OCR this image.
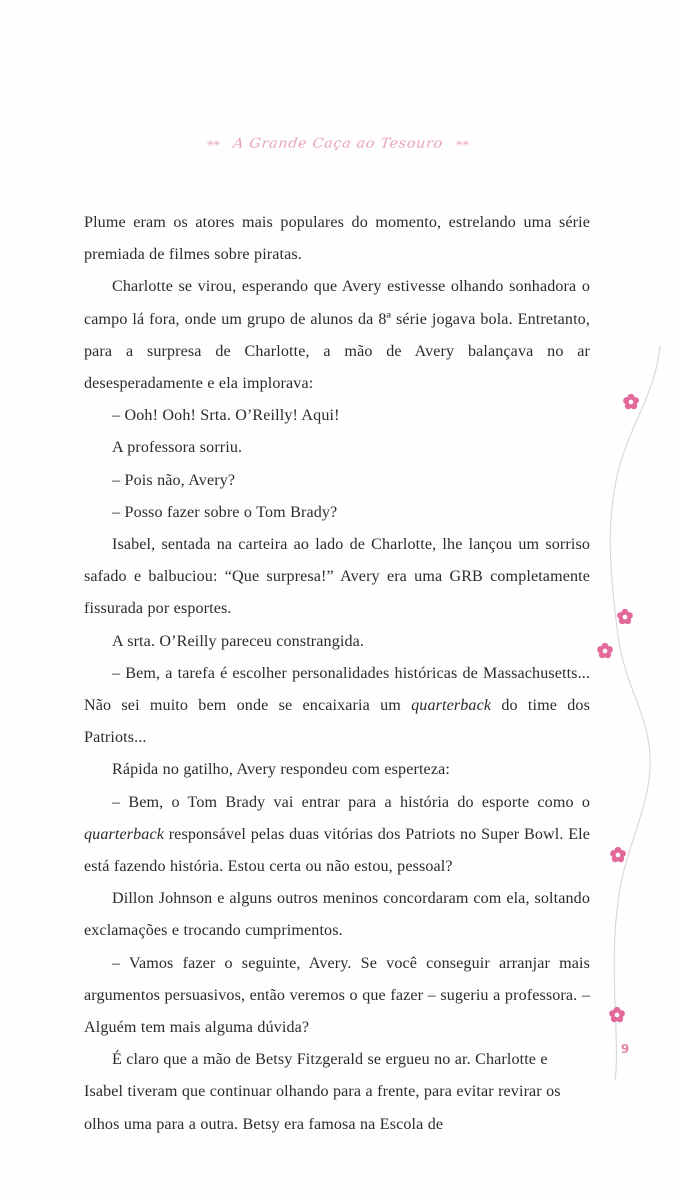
❀❀ A Grande Caça ao Tesouro ❀❀

Plume eram os atores mais populares do momento, estrelando uma série premiada de filmes sobre piratas.

Charlotte se virou, esperando que Avery estivesse olhando sonhadora o campo lá fora, onde um grupo de alunos da 8ª série jogava bola. Entretanto, para a surpresa de Charlotte, a mão de Avery balançava no ar desesperadamente e ela implorava:

– Ooh! Ooh! Srta. O’Reilly! Aqui!

A professora sorriu.

– Pois não, Avery?

– Posso fazer sobre o Tom Brady?

Isabel, sentada na carteira ao lado de Charlotte, lhe lançou um sorriso safado e balbuciou: “Que surpresa!” Avery era uma GRB completamente fissurada por esportes.

A srta. O’Reilly pareceu constrangida.

– Bem, a tarefa é escolher personalidades históricas de Massachusetts... Não sei muito bem onde se encaixaria um quarterback do time dos Patriots...

Rápida no gatilho, Avery respondeu com esperteza:

– Bem, o Tom Brady vai entrar para a história do esporte como o quarterback responsável pelas duas vitórias dos Patriots no Super Bowl. Ele está fazendo história. Estou certa ou não estou, pessoal?

Dillon Johnson e alguns outros meninos concordaram com ela, soltando exclamações e trocando cumprimentos.

– Vamos fazer o seguinte, Avery. Se você conseguir arranjar mais argumentos persuasivos, então veremos o que fazer – sugeriu a professora. – Alguém tem mais alguma dúvida?

É claro que a mão de Betsy Fitzgerald se ergueu no ar. Charlotte e Isabel tiveram que continuar olhando para a frente, para evitar revirar os olhos uma para a outra. Betsy era famosa na Escola de

9
